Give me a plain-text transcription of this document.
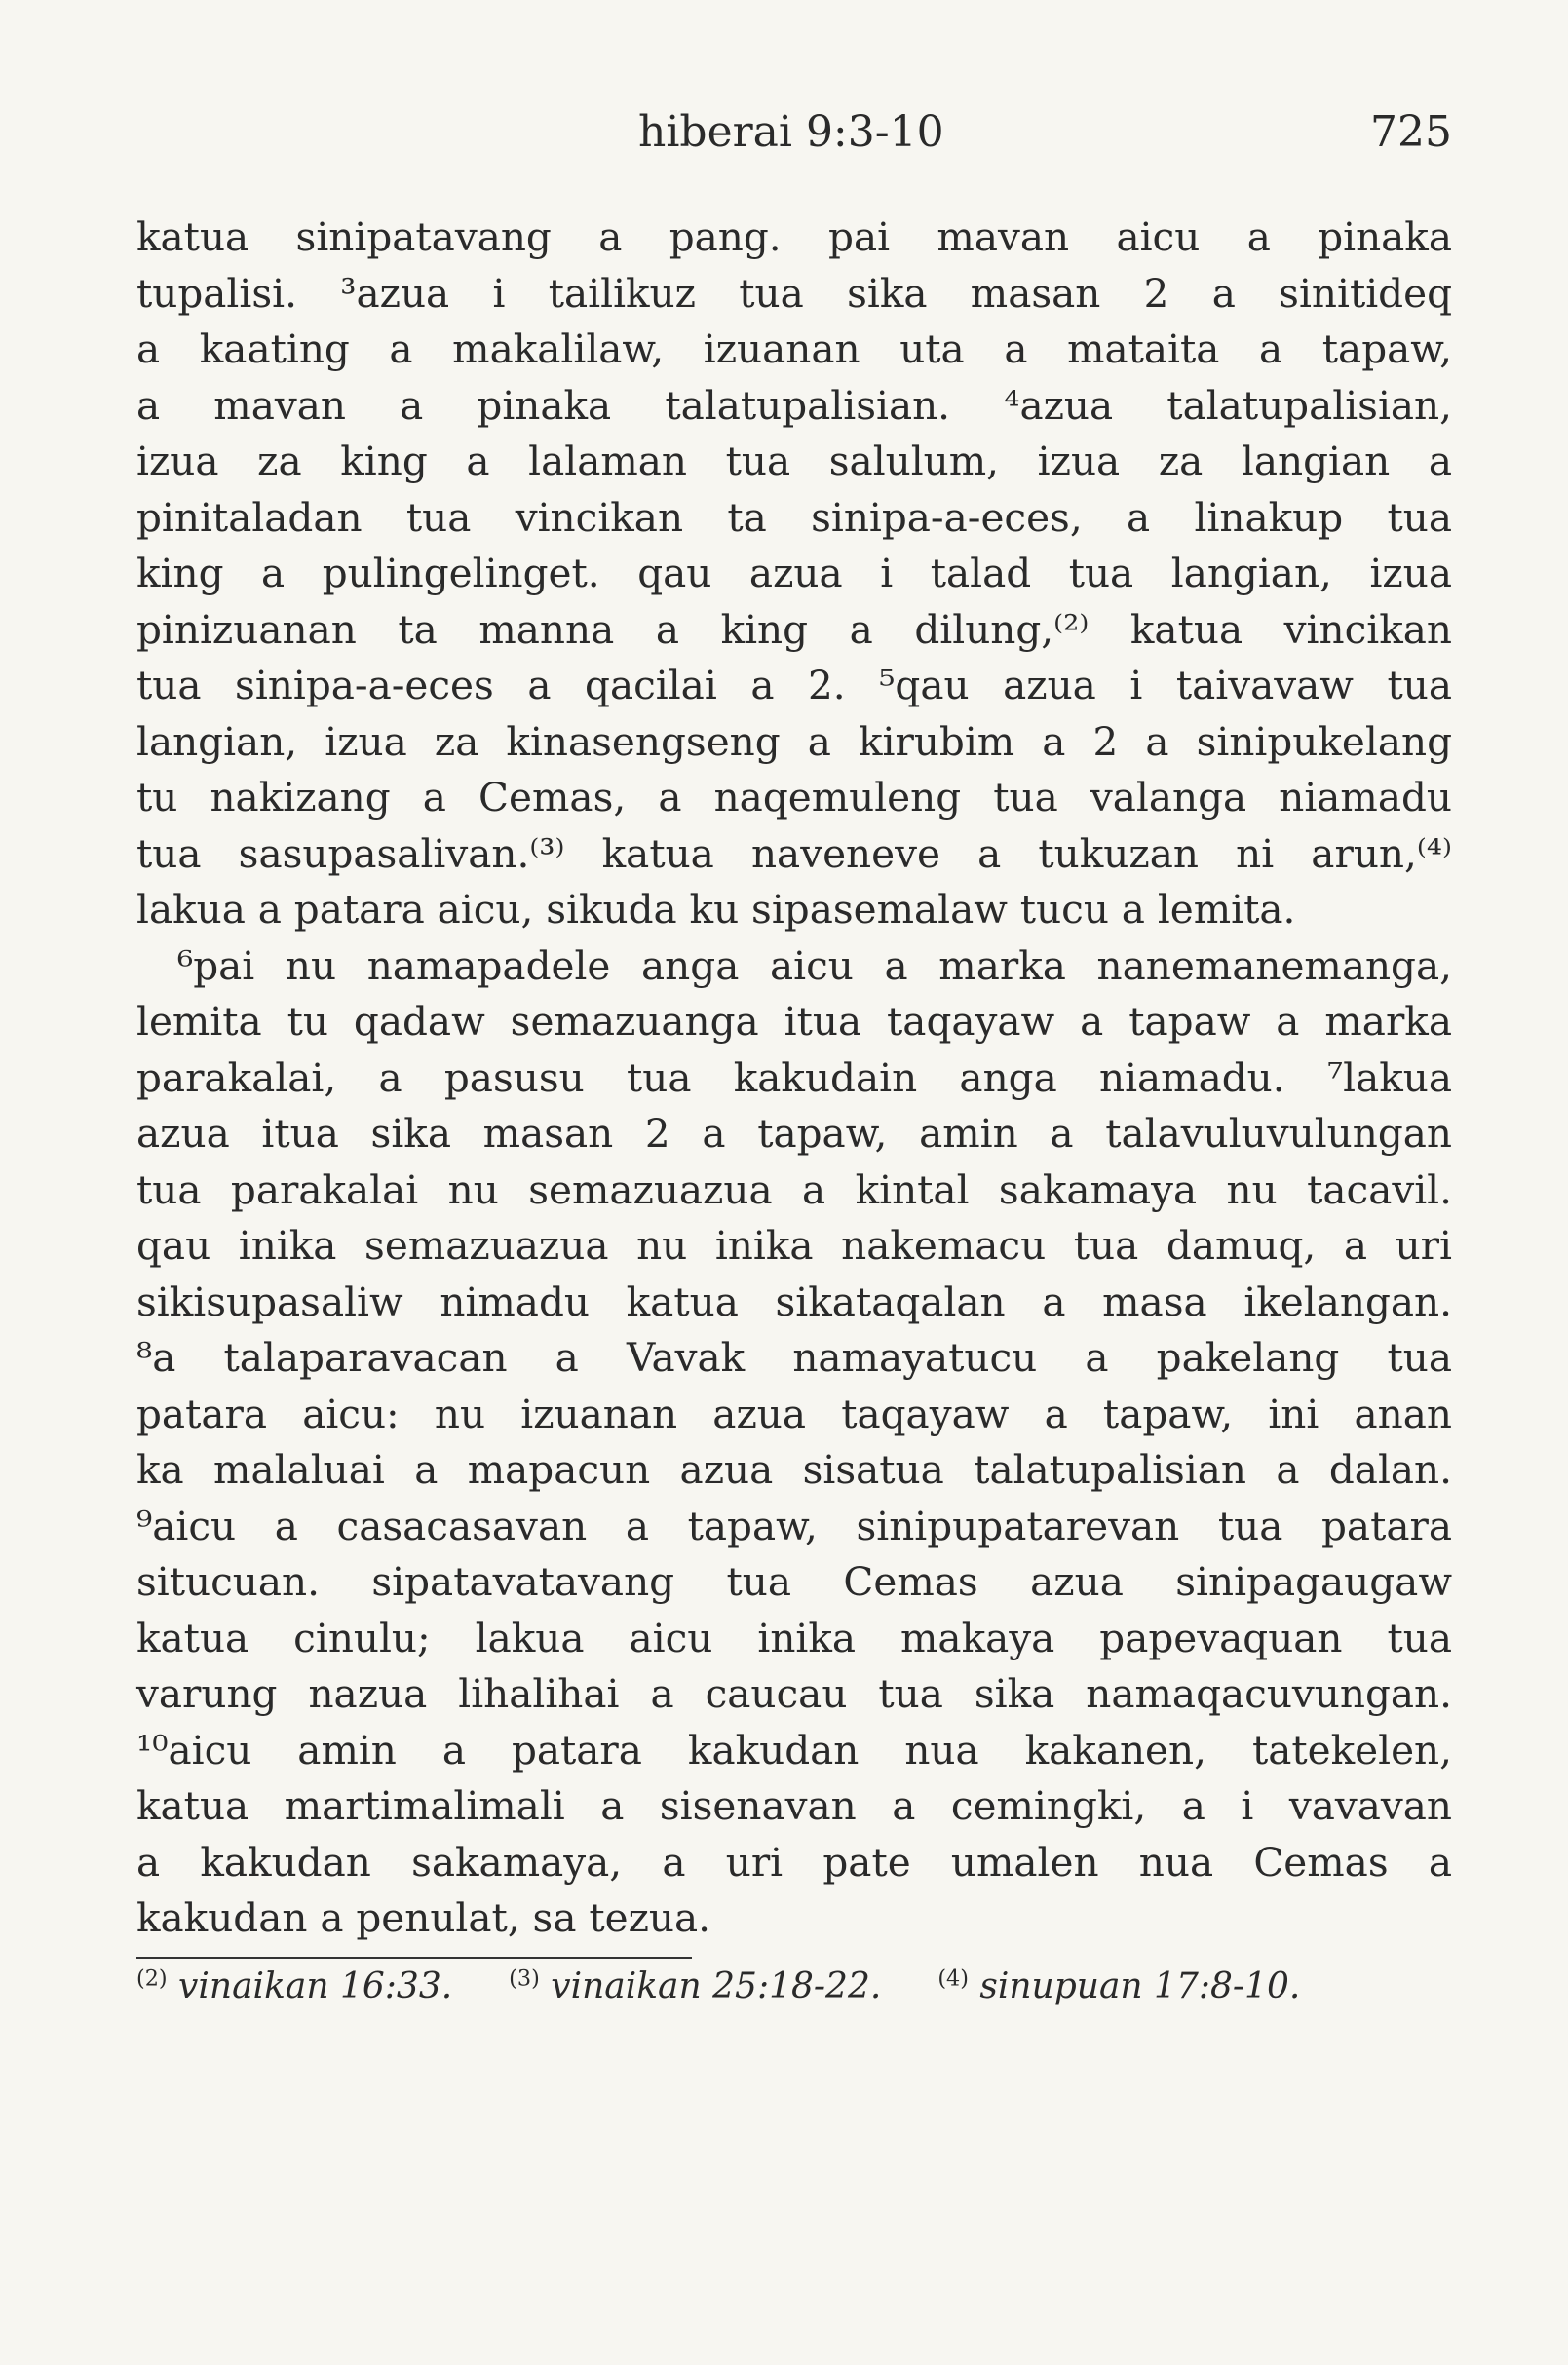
hiberai 9:3-10	725
katua sinipatavang a pang. pai mavan aicu a pinaka
tupalisi. ³azua i tailikuz tua sika masan 2 a sinitideq
a kaating a makalilaw, izuanan uta a mataita a tapaw,
a mavan a pinaka talatupalisian. ⁴azua talatupalisian,
izua za king a lalaman tua salulum, izua za langian a
pinitaladan tua vincikan ta sinipa-a-eces, a linakup tua
king a pulingelinget. qau azua i talad tua langian, izua
pinizuanan ta manna a king a dilung,⁽²⁾ katua vincikan
tua sinipa-a-eces a qacilai a 2. ⁵qau azua i taivavaw tua
langian, izua za kinasengseng a kirubim a 2 a sinipukelang
tu nakizang a Cemas, a naqemuleng tua valanga niamadu
tua sasupasalivan.⁽³⁾ katua naveneve a tukuzan ni arun,⁽⁴⁾
lakua a patara aicu, sikuda ku sipasemalaw tucu a lemita.
⁶pai nu namapadele anga aicu a marka nanemanemanga,
lemita tu qadaw semazuanga itua taqayaw a tapaw a marka
parakalai, a pasusu tua kakudain anga niamadu. ⁷lakua
azua itua sika masan 2 a tapaw, amin a talavuluvulungan
tua parakalai nu semazuazua a kintal sakamaya nu tacavil.
qau inika semazuazua nu inika nakemacu tua damuq, a uri
sikisupasaliw nimadu katua sikataqalan a masa ikelangan.
⁸a talaparavacan a Vavak namayatucu a pakelang tua
patara aicu: nu izuanan azua taqayaw a tapaw, ini anan
ka malaluai a mapacun azua sisatua talatupalisian a dalan.
⁹aicu a casacasavan a tapaw, sinipupatarevan tua patara
situcuan. sipatavatavang tua Cemas azua sinipagaugaw
katua cinulu; lakua aicu inika makaya papevaquan tua
varung nazua lihalihai a caucau tua sika namaqacuvungan.
¹⁰aicu amin a patara kakudan nua kakanen, tatekelen,
katua martimalimali a sisenavan a cemingki, a i vavavan
a kakudan sakamaya, a uri pate umalen nua Cemas a
kakudan a penulat, sa tezua.
$^{(2)}$ vinaikan 16:33.	$^{(3)}$ vinaikan 25:18-22.	$^{(4)}$ sinupuan 17:8-10.
